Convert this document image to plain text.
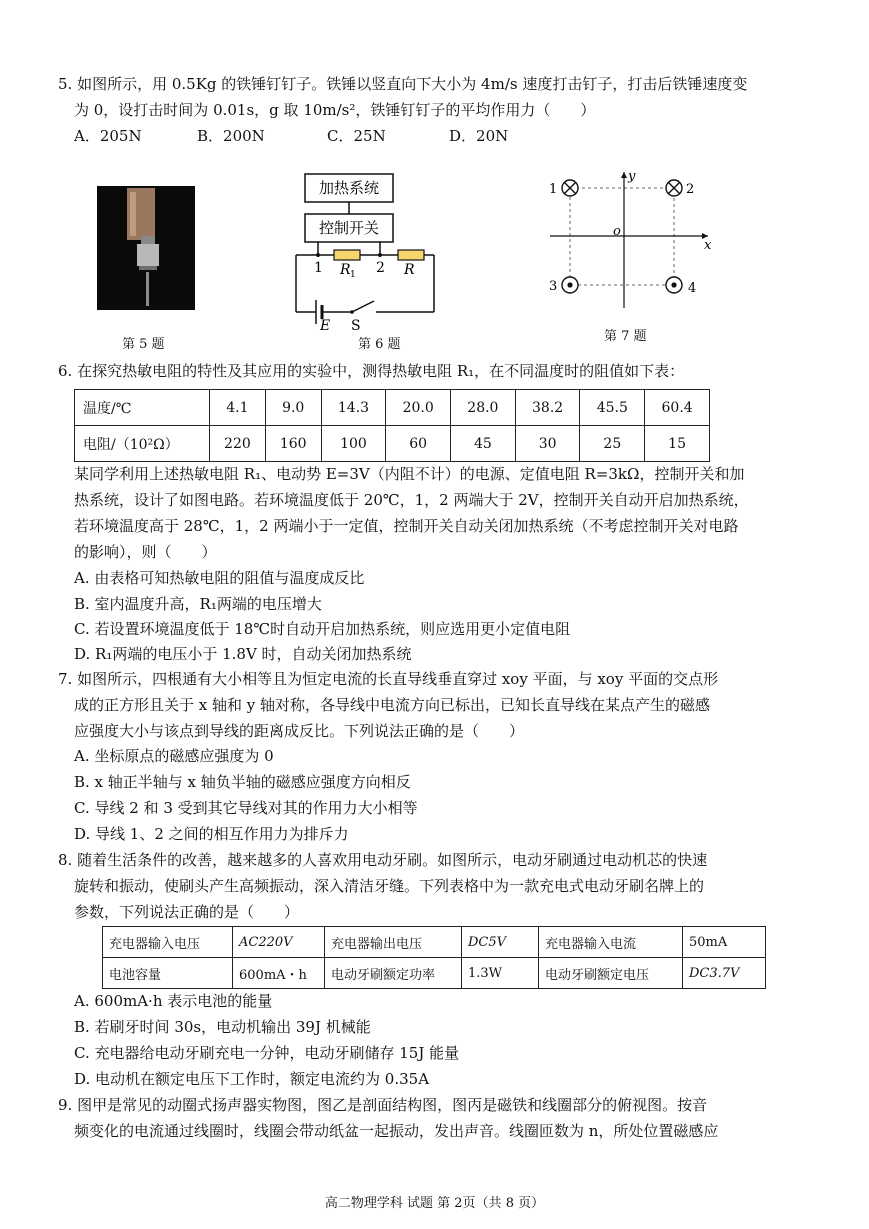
5. 如图所示，用 0.5Kg 的铁锤钉钉子。铁锤以竖直向下大小为 4m/s 速度打击钉子，打击后铁锤速度变
为 0，设打击时间为 0.01s，g 取 10m/s²，铁锤钉钉子的平均作用力（　　）
A．205N	B．200N	C．25N	D．20N
第 5 题
加热系统
控制开关
1 R 1 2 R
E S
第 6 题
y
x
o
1	2
3	4
第 7 题
6. 在探究热敏电阻的特性及其应用的实验中，测得热敏电阻 R₁，在不同温度时的阻值如下表：
温度/℃	4.1	9.0	14.3	20.0	28.0	38.2	45.5	60.4
电阻/（10²Ω）	220	160	100	60	45	30	25	15
某同学利用上述热敏电阻 R₁、电动势 E=3V（内阻不计）的电源、定值电阻 R=3kΩ，控制开关和加
热系统，设计了如图电路。若环境温度低于 20℃，1，2 两端大于 2V，控制开关自动开启加热系统，
若环境温度高于 28℃，1，2 两端小于一定值，控制开关自动关闭加热系统（不考虑控制开关对电路
的影响），则（　　）
A. 由表格可知热敏电阻的阻值与温度成反比
B. 室内温度升高，R₁两端的电压增大
C. 若设置环境温度低于 18℃时自动开启加热系统，则应选用更小定值电阻
D. R₁两端的电压小于 1.8V 时，自动关闭加热系统
7. 如图所示，四根通有大小相等且为恒定电流的长直导线垂直穿过 xoy 平面，与 xoy 平面的交点形
成的正方形且关于 x 轴和 y 轴对称，各导线中电流方向已标出，已知长直导线在某点产生的磁感
应强度大小与该点到导线的距离成反比。下列说法正确的是（　　）
A. 坐标原点的磁感应强度为 0
B. x 轴正半轴与 x 轴负半轴的磁感应强度方向相反
C. 导线 2 和 3 受到其它导线对其的作用力大小相等
D. 导线 1、2 之间的相互作用力为排斥力
8. 随着生活条件的改善，越来越多的人喜欢用电动牙刷。如图所示，电动牙刷通过电动机芯的快速
旋转和振动，使刷头产生高频振动，深入清洁牙缝。下列表格中为一款充电式电动牙刷名牌上的
参数，下列说法正确的是（　　）
充电器输入电压	AC220V	充电器输出电压	DC5V	充电器输入电流	50mA
电池容量	600mA・h	电动牙刷额定功率	1.3W	电动牙刷额定电压	DC3.7V
A. 600mA·h 表示电池的能量
B. 若刷牙时间 30s，电动机输出 39J 机械能
C. 充电器给电动牙刷充电一分钟，电动牙刷储存 15J 能量
D. 电动机在额定电压下工作时，额定电流约为 0.35A
9. 图甲是常见的动圈式扬声器实物图，图乙是剖面结构图，图丙是磁铁和线圈部分的俯视图。按音
频变化的电流通过线圈时，线圈会带动纸盆一起振动，发出声音。线圈匝数为 n，所处位置磁感应
高二物理学科 试题 第 2页（共 8 页）
